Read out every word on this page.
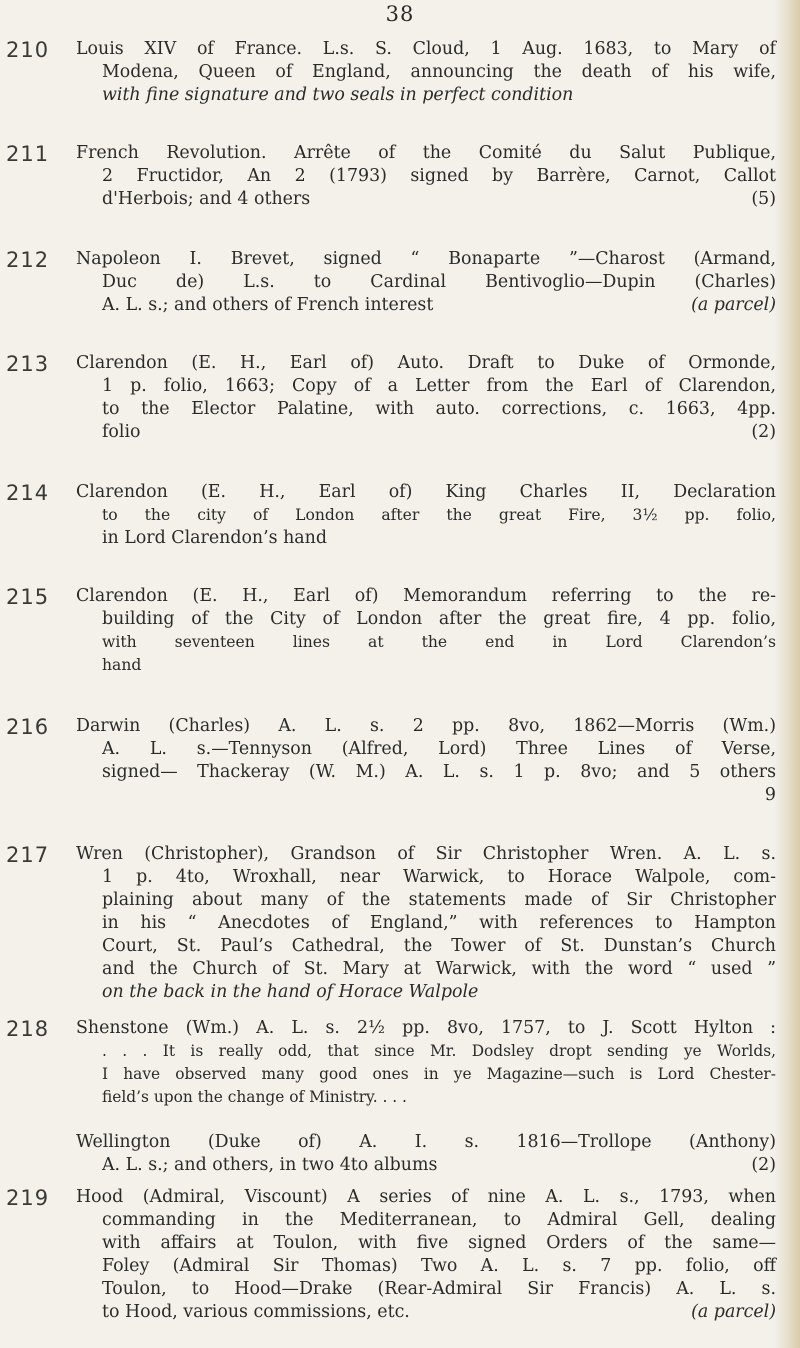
38
210	Louis XIV of France. L.s. S. Cloud, 1 Aug. 1683, to Mary of
Modena, Queen of England, announcing the death of his wife,
with fine signature and two seals in perfect condition
211	French Revolution. Arrête of the Comité du Salut Publique,
2 Fructidor, An 2 (1793) signed by Barrère, Carnot, Callot
d'Herbois; and 4 others	(5)
212	Napoleon I. Brevet, signed “ Bonaparte ”—Charost (Armand,
Duc de) L.s. to Cardinal Bentivoglio—Dupin (Charles)
A. L. s.; and others of French interest	(a parcel)
213	Clarendon (E. H., Earl of) Auto. Draft to Duke of Ormonde,
1 p. folio, 1663; Copy of a Letter from the Earl of Clarendon,
to the Elector Palatine, with auto. corrections, c. 1663, 4pp.
folio	(2)
214	Clarendon (E. H., Earl of) King Charles II, Declaration
to the city of London after the great Fire, 3½ pp. folio,
in Lord Clarendon’s hand
215	Clarendon (E. H., Earl of) Memorandum referring to the re-
building of the City of London after the great fire, 4 pp. folio,
with seventeen lines at the end in Lord Clarendon’s
hand
216	Darwin (Charles) A. L. s. 2 pp. 8vo, 1862—Morris (Wm.)
A. L. s.—Tennyson (Alfred, Lord) Three Lines of Verse,
signed— Thackeray (W. M.) A. L. s. 1 p. 8vo; and 5 others
9
217	Wren (Christopher), Grandson of Sir Christopher Wren. A. L. s.
1 p. 4to, Wroxhall, near Warwick, to Horace Walpole, com-
plaining about many of the statements made of Sir Christopher
in his “ Anecdotes of England,” with references to Hampton
Court, St. Paul’s Cathedral, the Tower of St. Dunstan’s Church
and the Church of St. Mary at Warwick, with the word “ used ”
on the back in the hand of Horace Walpole
218	Shenstone (Wm.) A. L. s. 2½ pp. 8vo, 1757, to J. Scott Hylton :
. . . It is really odd, that since Mr. Dodsley dropt sending ye Worlds,
I have observed many good ones in ye Magazine—such is Lord Chester-
field’s upon the change of Ministry. . . .
Wellington (Duke of) A. I. s. 1816—Trollope (Anthony)
A. L. s.; and others, in two 4to albums	(2)
219	Hood (Admiral, Viscount) A series of nine A. L. s., 1793, when
commanding in the Mediterranean, to Admiral Gell, dealing
with affairs at Toulon, with five signed Orders of the same—
Foley (Admiral Sir Thomas) Two A. L. s. 7 pp. folio, off
Toulon, to Hood—Drake (Rear-Admiral Sir Francis) A. L. s.
to Hood, various commissions, etc.	(a parcel)
